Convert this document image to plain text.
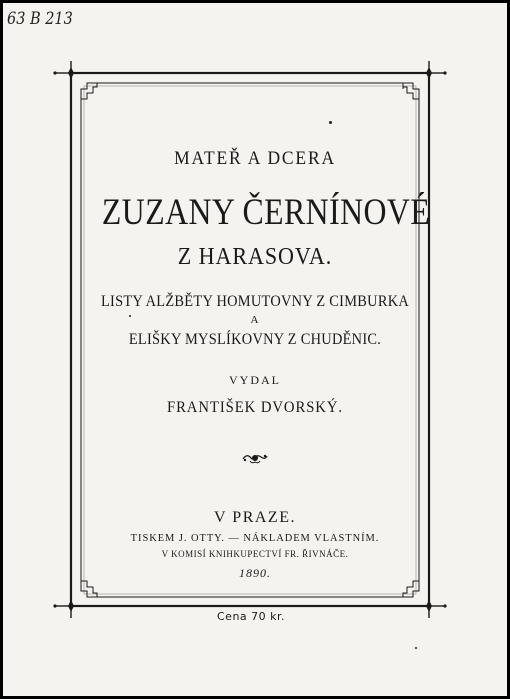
63 B 213
MATEŘ A DCERA
ZUZANY ČERNÍNOVÉ
Z HARASOVA.
LISTY ALŽBĚTY HOMUTOVNY Z CIMBURKA
A
ELIŠKY MYSLÍKOVNY Z CHUDĚNIC.
VYDAL
FRANTIŠEK DVORSKÝ.
V PRAZE.
TISKEM J. OTTY. — NÁKLADEM VLASTNÍM.
V KOMISÍ KNIHKUPECTVÍ FR. ŘIVNÁČE.
1890.
Cena 70 kr.
